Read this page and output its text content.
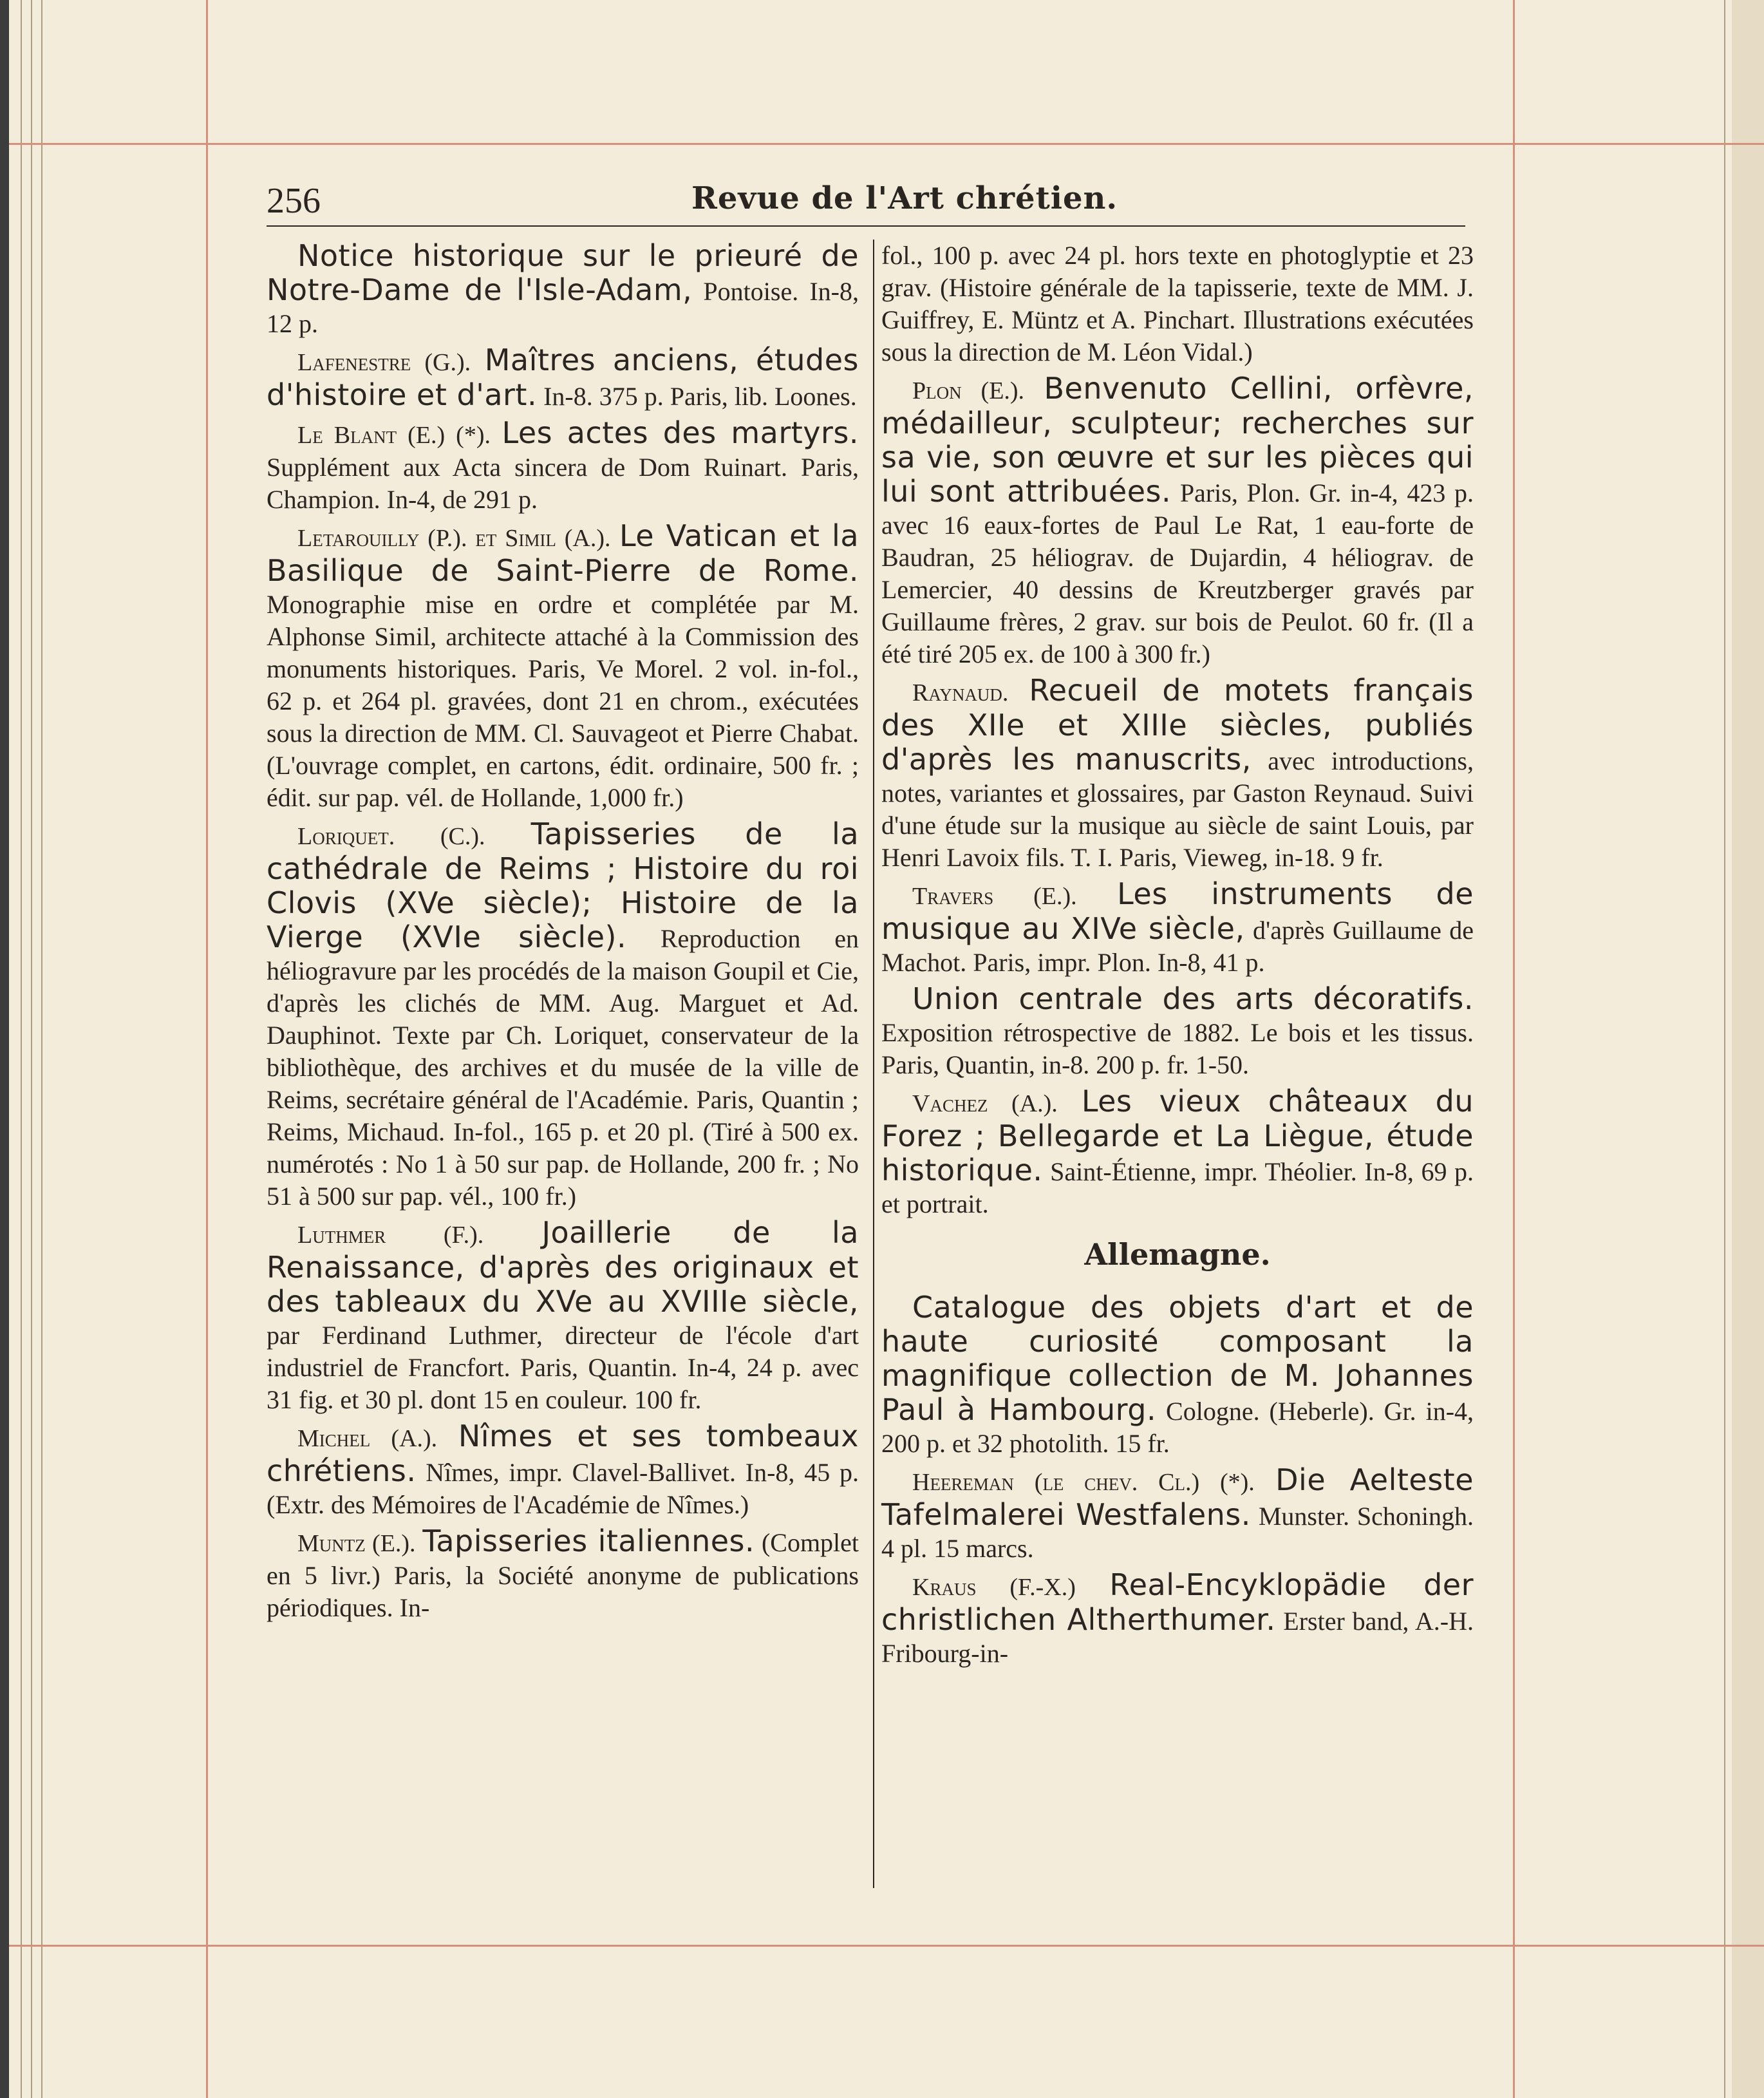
256	Revue de l'Art chrétien.

Notice historique sur le prieuré de Notre-Dame de l'Isle-Adam, Pontoise. In-8, 12 p.

Lafenestre (G.). Maîtres anciens, études d'histoire et d'art. In-8. 375 p. Paris, lib. Loones.

Le Blant (E.) (*). Les actes des martyrs. Supplément aux Acta sincera de Dom Ruinart. Paris, Champion. In-4, de 291 p.

Letarouilly (P.). et Simil (A.). Le Vatican et la Basilique de Saint-Pierre de Rome. Monographie mise en ordre et complétée par M. Alphonse Simil, architecte attaché à la Commission des monuments historiques. Paris, Ve Morel. 2 vol. in-fol., 62 p. et 264 pl. gravées, dont 21 en chrom., exécutées sous la direction de MM. Cl. Sauvageot et Pierre Chabat. (L'ouvrage complet, en cartons, édit. ordinaire, 500 fr. ; édit. sur pap. vél. de Hollande, 1,000 fr.)

Loriquet. (C.). Tapisseries de la cathédrale de Reims ; Histoire du roi Clovis (XVe siècle); Histoire de la Vierge (XVIe siècle). Reproduction en héliogravure par les procédés de la maison Goupil et Cie, d'après les clichés de MM. Aug. Marguet et Ad. Dauphinot. Texte par Ch. Loriquet, conservateur de la bibliothèque, des archives et du musée de la ville de Reims, secrétaire général de l'Académie. Paris, Quantin ; Reims, Michaud. In-fol., 165 p. et 20 pl. (Tiré à 500 ex. numérotés : No 1 à 50 sur pap. de Hollande, 200 fr. ; No 51 à 500 sur pap. vél., 100 fr.)

Luthmer (F.). Joaillerie de la Renaissance, d'après des originaux et des tableaux du XVe au XVIIIe siècle, par Ferdinand Luthmer, directeur de l'école d'art industriel de Francfort. Paris, Quantin. In-4, 24 p. avec 31 fig. et 30 pl. dont 15 en couleur. 100 fr.

Michel (A.). Nîmes et ses tombeaux chrétiens. Nîmes, impr. Clavel-Ballivet. In-8, 45 p. (Extr. des Mémoires de l'Académie de Nîmes.)

Muntz (E.). Tapisseries italiennes. (Complet en 5 livr.) Paris, la Société anonyme de publications périodiques. In-

fol., 100 p. avec 24 pl. hors texte en photoglyptie et 23 grav. (Histoire générale de la tapisserie, texte de MM. J. Guiffrey, E. Müntz et A. Pinchart. Illustrations exécutées sous la direction de M. Léon Vidal.)

Plon (E.). Benvenuto Cellini, orfèvre, médailleur, sculpteur; recherches sur sa vie, son œuvre et sur les pièces qui lui sont attribuées. Paris, Plon. Gr. in-4, 423 p. avec 16 eaux-fortes de Paul Le Rat, 1 eau-forte de Baudran, 25 héliograv. de Dujardin, 4 héliograv. de Lemercier, 40 dessins de Kreutzberger gravés par Guillaume frères, 2 grav. sur bois de Peulot. 60 fr. (Il a été tiré 205 ex. de 100 à 300 fr.)

Raynaud. Recueil de motets français des XIIe et XIIIe siècles, publiés d'après les manuscrits, avec introductions, notes, variantes et glossaires, par Gaston Reynaud. Suivi d'une étude sur la musique au siècle de saint Louis, par Henri Lavoix fils. T. I. Paris, Vieweg, in-18. 9 fr.

Travers (E.). Les instruments de musique au XIVe siècle, d'après Guillaume de Machot. Paris, impr. Plon. In-8, 41 p.

Union centrale des arts décoratifs. Exposition rétrospective de 1882. Le bois et les tissus. Paris, Quantin, in-8. 200 p. fr. 1-50.

Vachez (A.). Les vieux châteaux du Forez ; Bellegarde et La Liègue, étude historique. Saint-Étienne, impr. Théolier. In-8, 69 p. et portrait.

Allemagne.

Catalogue des objets d'art et de haute curiosité composant la magnifique collection de M. Johannes Paul à Hambourg. Cologne. (Heberle). Gr. in-4, 200 p. et 32 photolith. 15 fr.

Heereman (le chev. Cl.) (*). Die Aelteste Tafelmalerei Westfalens. Munster. Schoningh. 4 pl. 15 marcs.

Kraus (F.-X.) Real-Encyklopädie der christlichen Altherthumer. Erster band, A.-H. Fribourg-in-
